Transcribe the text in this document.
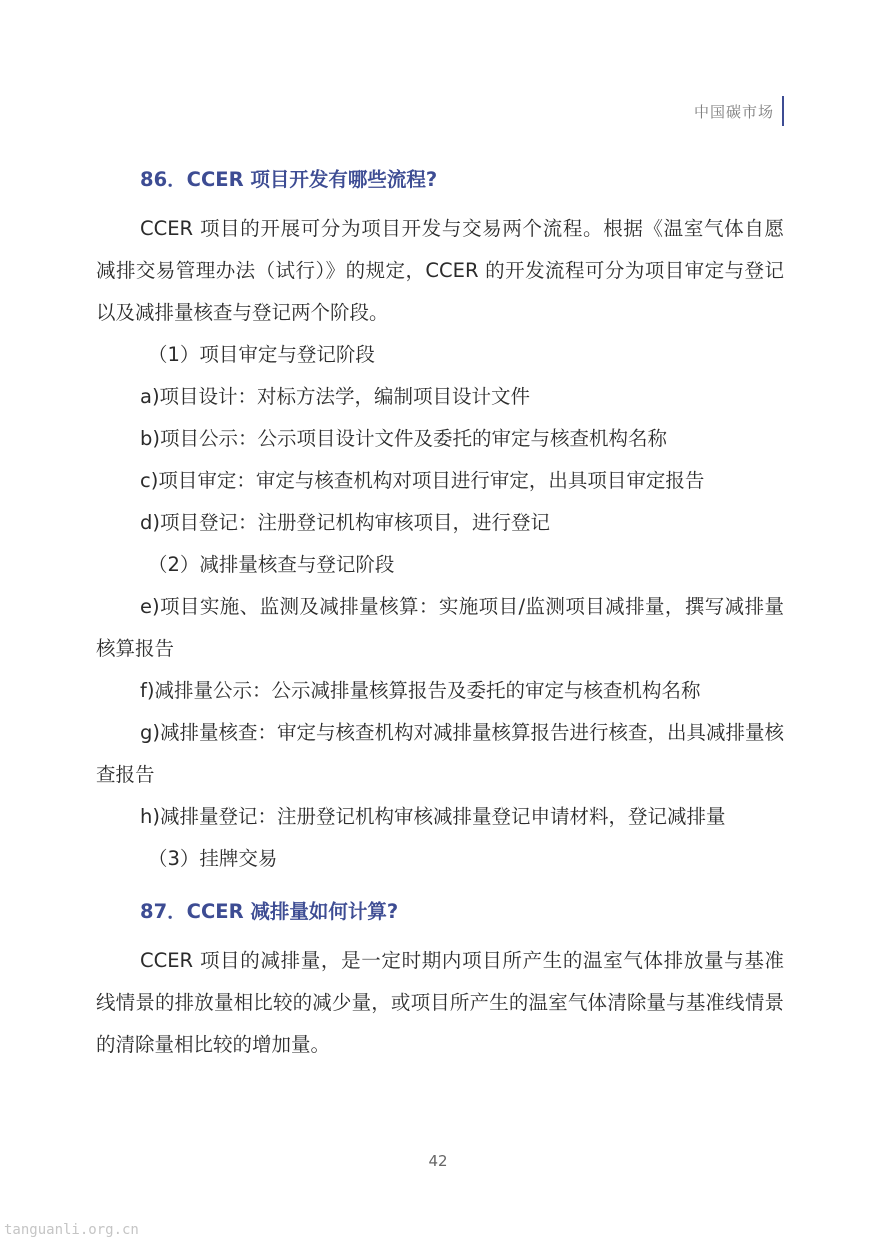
中国碳市场
86．CCER 项目开发有哪些流程?

CCER 项目的开展可分为项目开发与交易两个流程。根据《温室气体自愿减排交易管理办法（试行）》的规定，CCER 的开发流程可分为项目审定与登记以及减排量核查与登记两个阶段。

（1）项目审定与登记阶段

a)项目设计：对标方法学，编制项目设计文件

b)项目公示：公示项目设计文件及委托的审定与核查机构名称

c)项目审定：审定与核查机构对项目进行审定，出具项目审定报告

d)项目登记：注册登记机构审核项目，进行登记

（2）减排量核查与登记阶段

e)项目实施、监测及减排量核算：实施项目/监测项目减排量，撰写减排量核算报告

f)减排量公示：公示减排量核算报告及委托的审定与核查机构名称

g)减排量核查：审定与核查机构对减排量核算报告进行核查，出具减排量核查报告

h)减排量登记：注册登记机构审核减排量登记申请材料，登记减排量

（3）挂牌交易

87．CCER 减排量如何计算?

CCER 项目的减排量，是一定时期内项目所产生的温室气体排放量与基准线情景的排放量相比较的减少量，或项目所产生的温室气体清除量与基准线情景的清除量相比较的增加量。

42
tanguanli.org.cn
